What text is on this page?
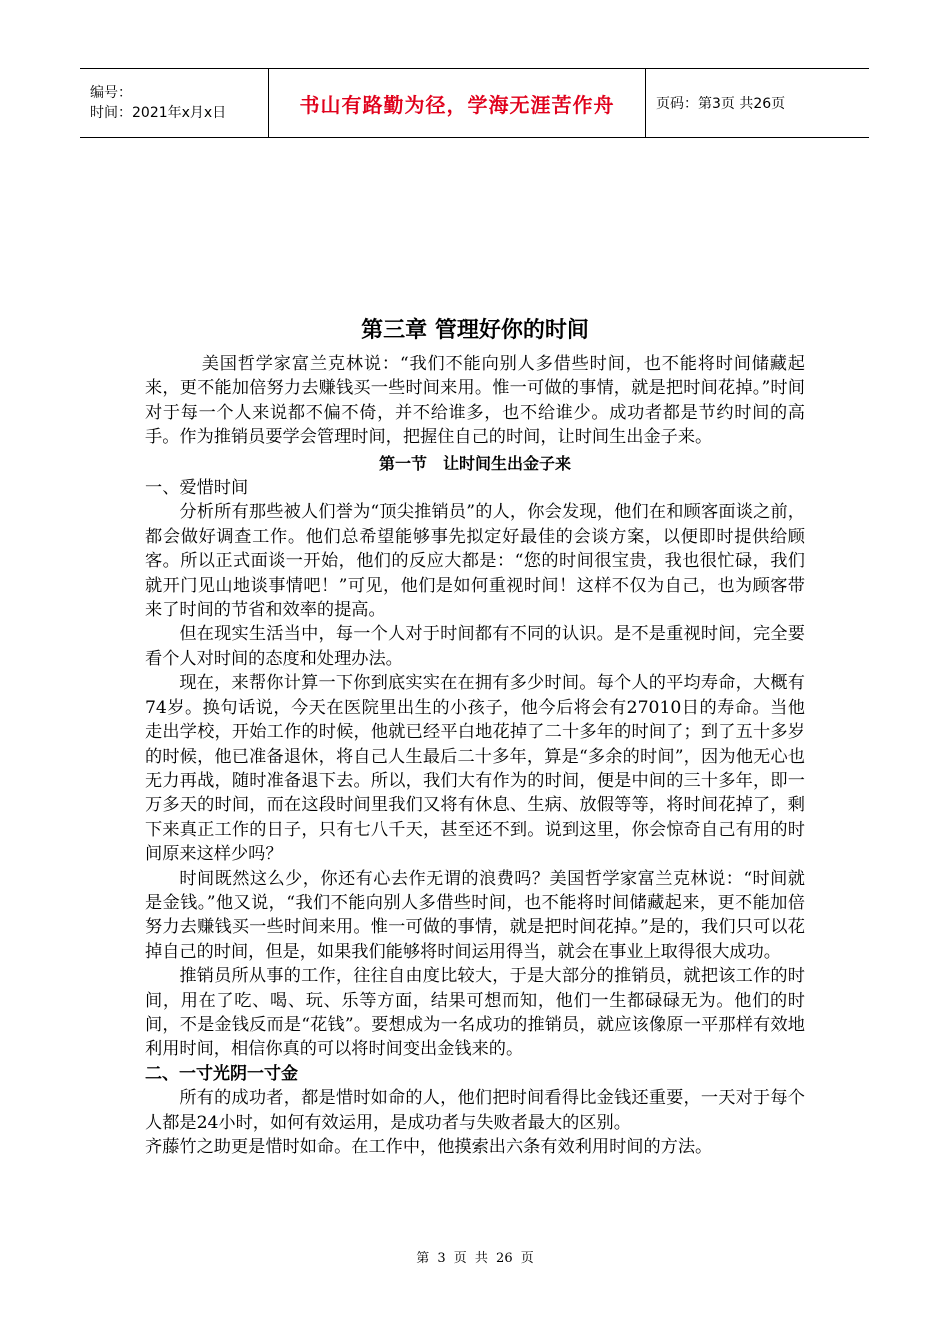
编号：
时间：2021年x月x日	书山有路勤为径，学海无涯苦作舟	页码：第3页 共26页
第三章 管理好你的时间

美国哲学家富兰克林说：“我们不能向别人多借些时间，也不能将时间储藏起来，更不能加倍努力去赚钱买一些时间来用。惟一可做的事情，就是把时间花掉。”时间对于每一个人来说都不偏不倚，并不给谁多，也不给谁少。成功者都是节约时间的高手。作为推销员要学会管理时间，把握住自己的时间，让时间生出金子来。

第一节　让时间生出金子来

一、爱惜时间

分析所有那些被人们誉为“顶尖推销员”的人，你会发现，他们在和顾客面谈之前，都会做好调查工作。他们总希望能够事先拟定好最佳的会谈方案，以便即时提供给顾客。所以正式面谈一开始，他们的反应大都是：“您的时间很宝贵，我也很忙碌，我们就开门见山地谈事情吧！”可见，他们是如何重视时间！这样不仅为自己，也为顾客带来了时间的节省和效率的提高。

但在现实生活当中，每一个人对于时间都有不同的认识。是不是重视时间，完全要看个人对时间的态度和处理办法。

现在，来帮你计算一下你到底实实在在拥有多少时间。每个人的平均寿命，大概有74岁。换句话说，今天在医院里出生的小孩子，他今后将会有27010日的寿命。当他走出学校，开始工作的时候，他就已经平白地花掉了二十多年的时间了；到了五十多岁的时候，他已准备退休，将自己人生最后二十多年，算是“多余的时间”，因为他无心也无力再战，随时准备退下去。所以，我们大有作为的时间，便是中间的三十多年，即一万多天的时间，而在这段时间里我们又将有休息、生病、放假等等，将时间花掉了，剩下来真正工作的日子，只有七八千天，甚至还不到。说到这里，你会惊奇自己有用的时间原来这样少吗？

时间既然这么少，你还有心去作无谓的浪费吗？美国哲学家富兰克林说：“时间就是金钱。”他又说，“我们不能向别人多借些时间，也不能将时间储藏起来，更不能加倍努力去赚钱买一些时间来用。惟一可做的事情，就是把时间花掉。”是的，我们只可以花掉自己的时间，但是，如果我们能够将时间运用得当，就会在事业上取得很大成功。

推销员所从事的工作，往往自由度比较大，于是大部分的推销员，就把该工作的时间，用在了吃、喝、玩、乐等方面，结果可想而知，他们一生都碌碌无为。他们的时间，不是金钱反而是“花钱”。要想成为一名成功的推销员，就应该像原一平那样有效地利用时间，相信你真的可以将时间变出金钱来的。

二、一寸光阴一寸金

所有的成功者，都是惜时如命的人，他们把时间看得比金钱还重要，一天对于每个人都是24小时，如何有效运用，是成功者与失败者最大的区别。

齐藤竹之助更是惜时如命。在工作中，他摸索出六条有效利用时间的方法。

第 3 页 共 26 页
